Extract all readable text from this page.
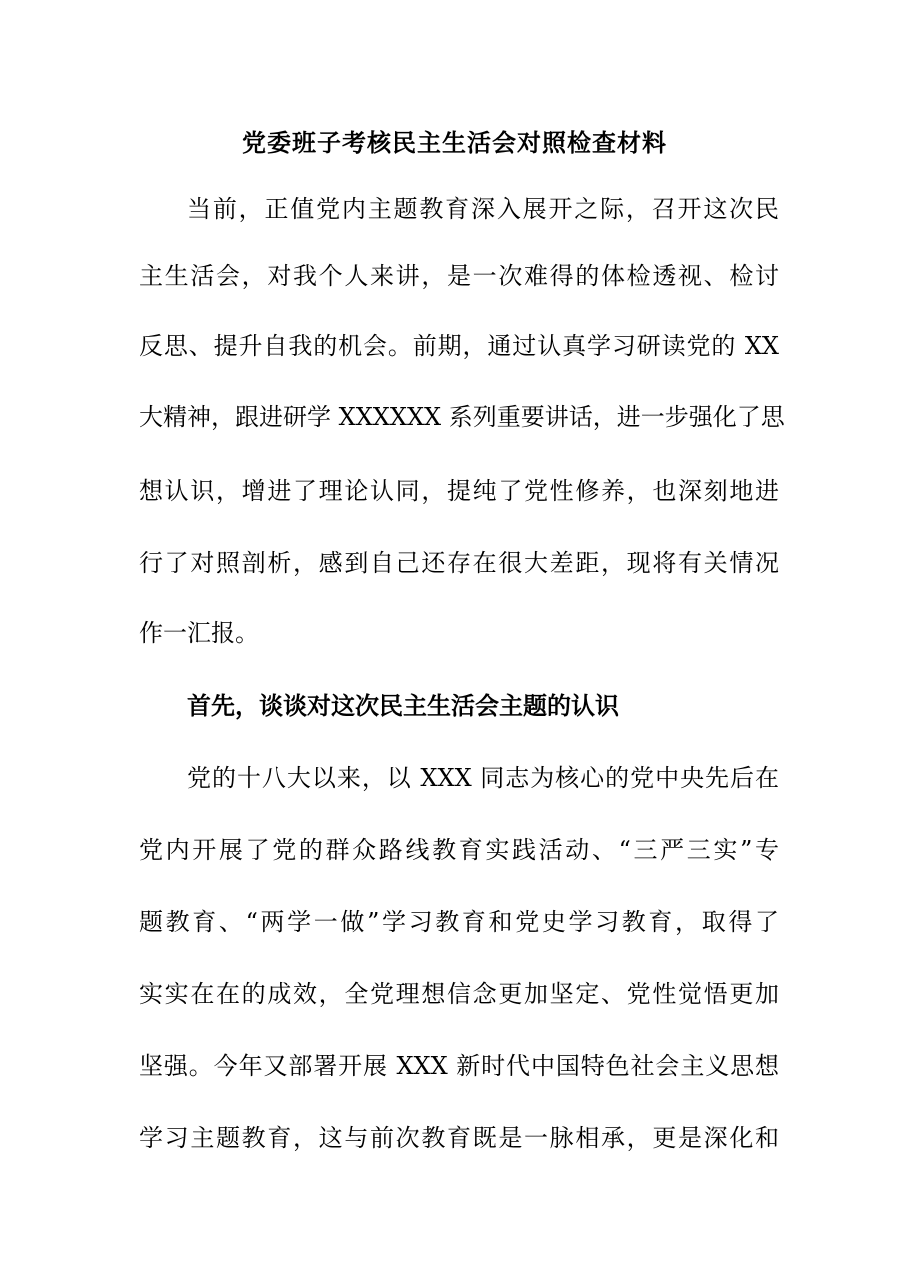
党委班子考核民主生活会对照检查材料
当前，正值党内主题教育深入展开之际，召开这次民
主生活会，对我个人来讲，是一次难得的体检透视、检讨
反思、提升自我的机会。前期，通过认真学习研读党的 XX
大精神，跟进研学 XXXXXX 系列重要讲话，进一步强化了思
想认识，增进了理论认同，提纯了党性修养，也深刻地进
行了对照剖析，感到自己还存在很大差距，现将有关情况
作一汇报。
首先，谈谈对这次民主生活会主题的认识
党的十八大以来，以 XXX 同志为核心的党中央先后在
党内开展了党的群众路线教育实践活动、“三严三实”专
题教育、“两学一做”学习教育和党史学习教育，取得了
实实在在的成效，全党理想信念更加坚定、党性觉悟更加
坚强。今年又部署开展 XXX 新时代中国特色社会主义思想
学习主题教育，这与前次教育既是一脉相承，更是深化和
